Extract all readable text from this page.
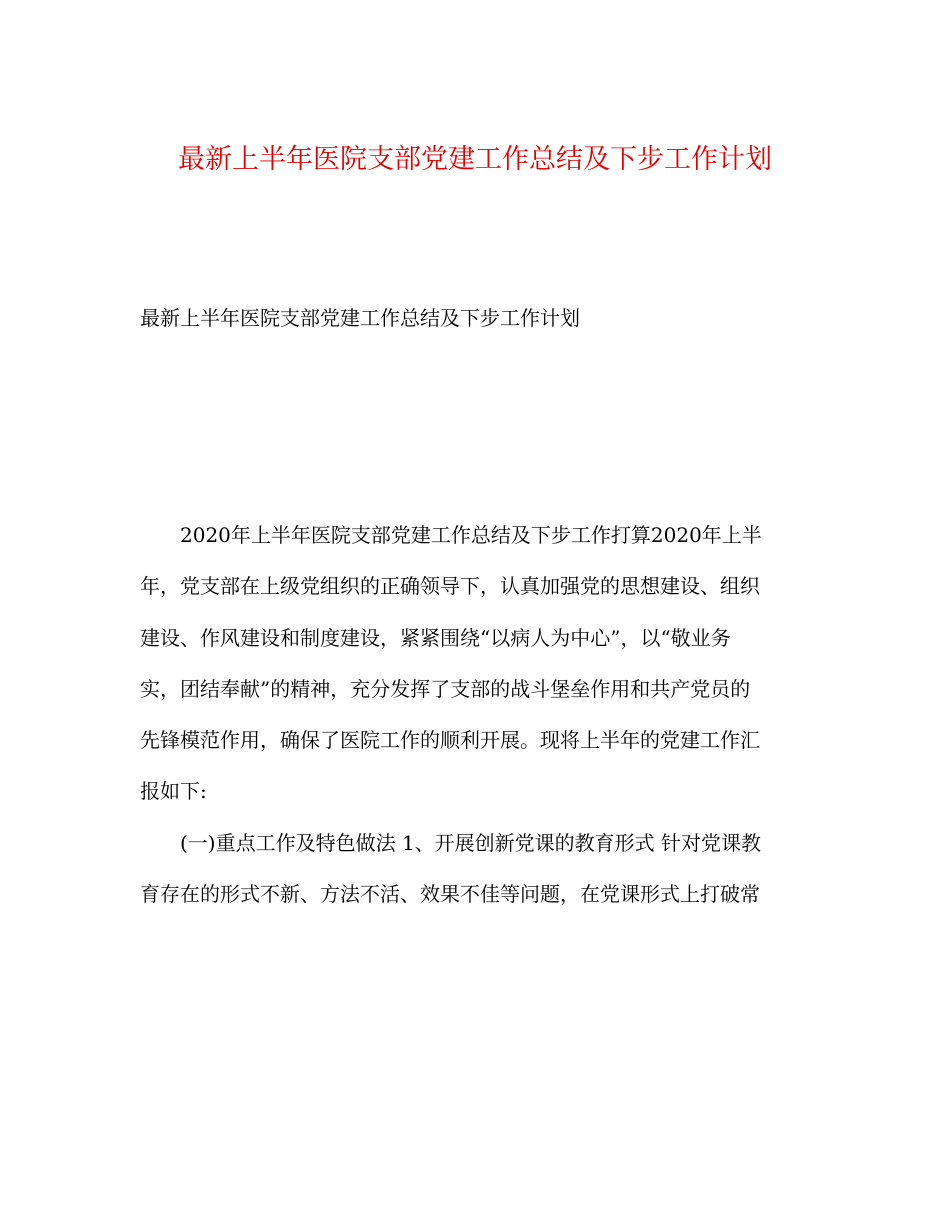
最新上半年医院支部党建工作总结及下步工作计划
最新上半年医院支部党建工作总结及下步工作计划
2020年上半年医院支部党建工作总结及下步工作打算2020年上半
年，党支部在上级党组织的正确领导下，认真加强党的思想建设、组织
建设、作风建设和制度建设，紧紧围绕“以病人为中心”，以“敬业务
实，团结奉献”的精神，充分发挥了支部的战斗堡垒作用和共产党员的
先锋模范作用，确保了医院工作的顺利开展。现将上半年的党建工作汇
报如下:
(一)重点工作及特色做法 1、开展创新党课的教育形式 针对党课教
育存在的形式不新、方法不活、效果不佳等问题，在党课形式上打破常
